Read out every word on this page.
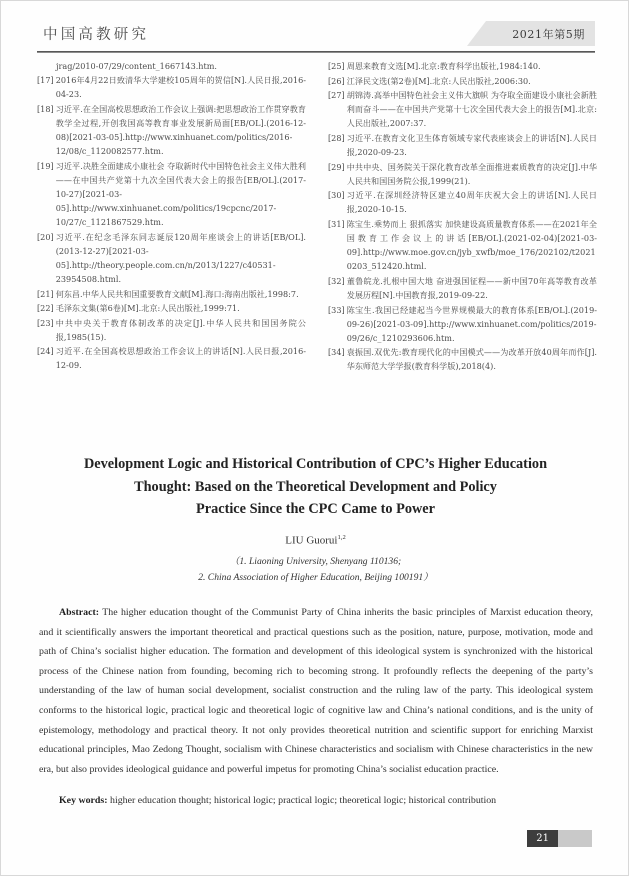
中国高教研究	2021年第5期
jrag/2010-07/29/content_1667143.htm.
[17] 2016年4月22日致清华大学建校105周年的贺信[N].人民日报,2016-04-23.
[18] 习近平.在全国高校思想政治工作会议上强调:把思想政治工作贯穿教育教学全过程,开创我国高等教育事业发展新局面[EB/OL].(2016-12-08)[2021-03-05].http://www.xinhuanet.com/politics/2016-12/08/c_1120082577.htm.
[19] 习近平.决胜全面建成小康社会 夺取新时代中国特色社会主义伟大胜利——在中国共产党第十九次全国代表大会上的报告[EB/OL].(2017-10-27)[2021-03-05].http://www.xinhuanet.com/politics/19cpcnc/2017-10/27/c_1121867529.htm.
[20] 习近平.在纪念毛泽东同志诞辰120周年座谈会上的讲话[EB/OL].(2013-12-27)[2021-03-05].http://theory.people.com.cn/n/2013/1227/c40531-23954508.html.
[21] 何东昌.中华人民共和国重要教育文献[M].海口:海南出版社,1998:7.
[22] 毛泽东文集(第6卷)[M].北京:人民出版社,1999:71.
[23] 中共中央关于教育体制改革的决定[J].中华人民共和国国务院公报,1985(15).
[24] 习近平.在全国高校思想政治工作会议上的讲话[N].人民日报,2016-12-09.
[25] 周恩来教育文选[M].北京:教育科学出版社,1984:140.
[26] 江泽民文选(第2卷)[M].北京:人民出版社,2006:30.
[27] 胡锦涛.高举中国特色社会主义伟大旗帜 为夺取全面建设小康社会新胜利而奋斗——在中国共产党第十七次全国代表大会上的报告[M].北京:人民出版社,2007:37.
[28] 习近平.在教育文化卫生体育领域专家代表座谈会上的讲话[N].人民日报,2020-09-23.
[29] 中共中央、国务院关于深化教育改革全面推进素质教育的决定[J].中华人民共和国国务院公报,1999(21).
[30] 习近平.在深圳经济特区建立40周年庆祝大会上的讲话[N].人民日报,2020-10-15.
[31] 陈宝生.乘势而上 狠抓落实 加快建设高质量教育体系——在2021年全国教育工作会议上的讲话[EB/OL].(2021-02-04)[2021-03-09].http://www.moe.gov.cn/jyb_xwfb/moe_176/202102/t20210203_512420.html.
[32] 董鲁皖龙.扎根中国大地 奋进强国征程——新中国70年高等教育改革发展历程[N].中国教育报,2019-09-22.
[33] 陈宝生.我国已经建起当今世界规模最大的教育体系[EB/OL].(2019-09-26)[2021-03-09].http://www.xinhuanet.com/politics/2019-09/26/c_1210293606.htm.
[34] 袁振国.双优先:教育现代化的中国模式——为改革开放40周年而作[J].华东师范大学学报(教育科学版),2018(4).
Development Logic and Historical Contribution of CPC’s Higher Education
Thought: Based on the Theoretical Development and Policy
Practice Since the CPC Came to Power
LIU Guorui$^{1,2}$
（1. Liaoning University, Shenyang 110136;
2. China Association of Higher Education, Beijing 100191）
Abstract: The higher education thought of the Communist Party of China inherits the basic principles of Marxist education theory, and it scientifically answers the important theoretical and practical questions such as the position, nature, purpose, motivation, mode and path of China’s socialist higher education. The formation and development of this ideological system is synchronized with the historical process of the Chinese nation from founding, becoming rich to becoming strong. It profoundly reflects the deepening of the party’s understanding of the law of human social development, socialist construction and the ruling law of the party. This ideological system conforms to the historical logic, practical logic and theoretical logic of cognitive law and China’s national conditions, and is the unity of epistemology, methodology and practical theory. It not only provides theoretical nutrition and scientific support for enriching Marxist educational principles, Mao Zedong Thought, socialism with Chinese characteristics and socialism with Chinese characteristics in the new era, but also provides ideological guidance and powerful impetus for promoting China’s socialist education practice.
Key words: higher education thought; historical logic; practical logic; theoretical logic; historical contribution
21
